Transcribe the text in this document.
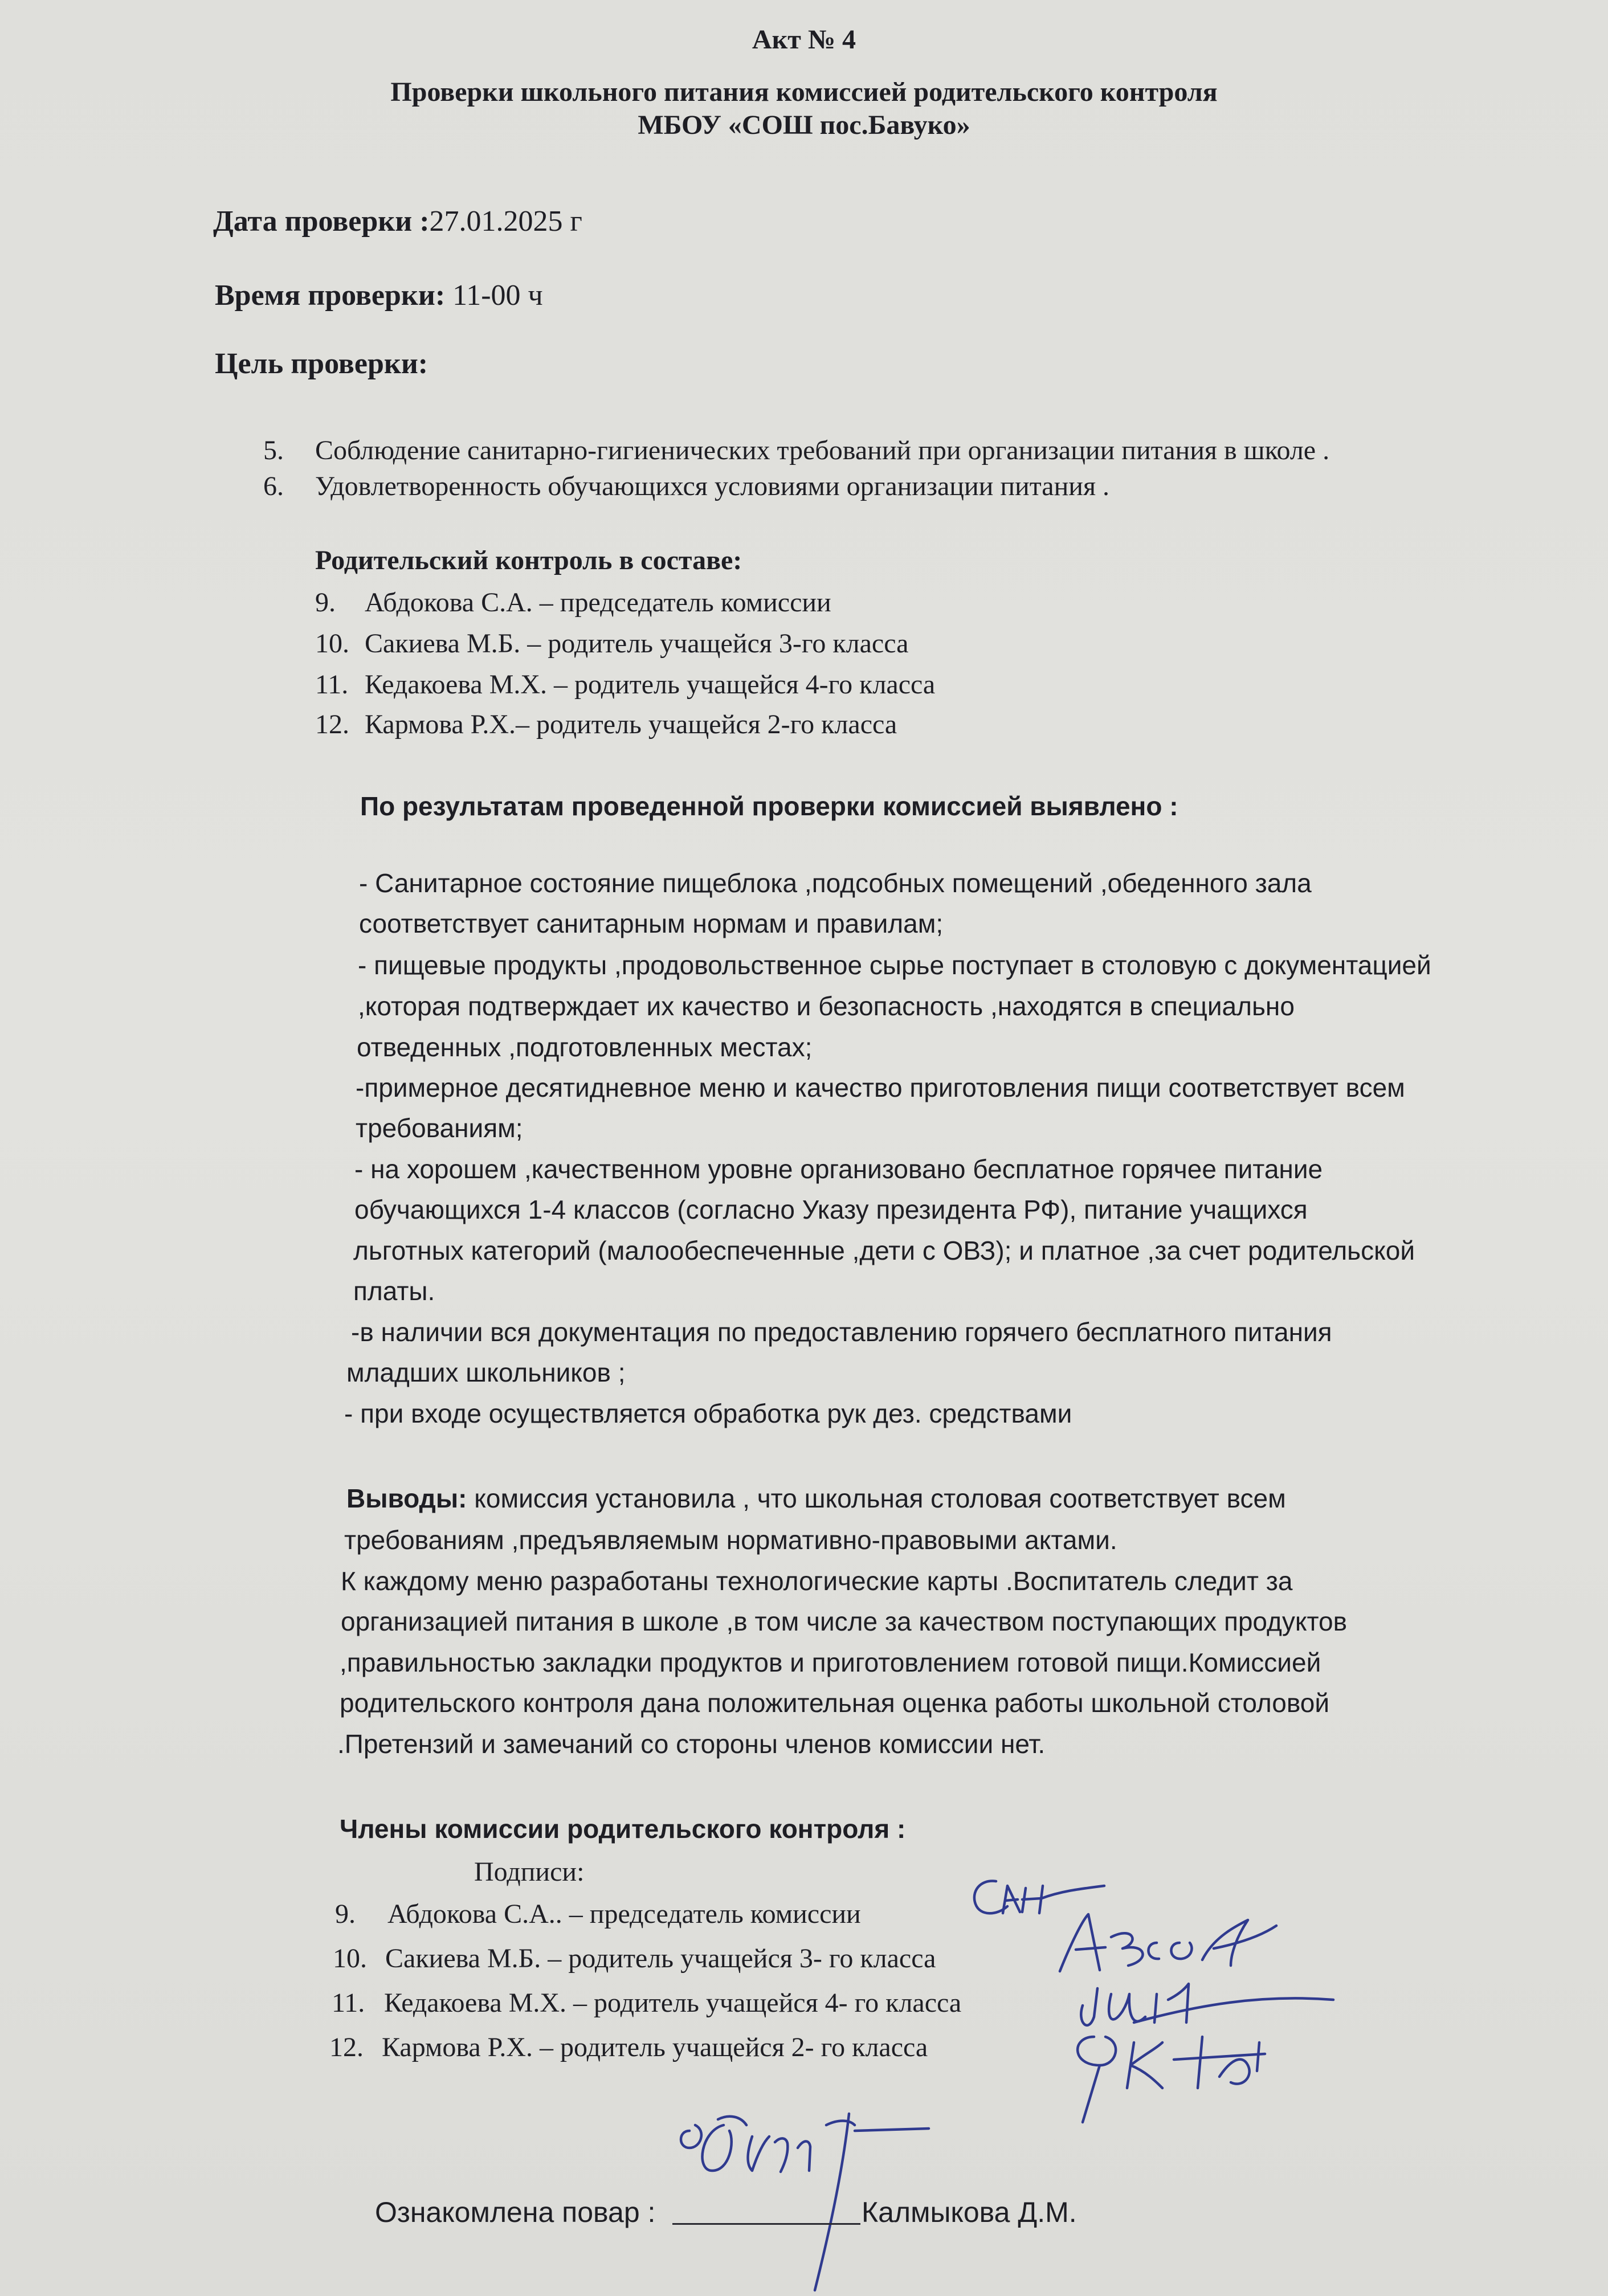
Акт № 4
Проверки школьного питания комиссией родительского контроля
МБОУ «СОШ пос.Бавуко»
Дата проверки :27.01.2025 г
Время проверки: 11-00 ч
Цель проверки:
5. Соблюдение санитарно-гигиенических требований при организации питания в школе .
6. Удовлетворенность обучающихся условиями организации питания .
Родительский контроль в составе:
9. Абдокова С.А. – председатель комиссии
10. Сакиева М.Б. – родитель учащейся 3-го класса
11. Кедакоева М.Х. – родитель учащейся 4-го класса
12. Кармова Р.Х.– родитель учащейся 2-го класса
По результатам проведенной проверки комиссией выявлено :
- Санитарное состояние пищеблока ,подсобных помещений ,обеденного зала
соответствует санитарным нормам и правилам;
- пищевые продукты ,продовольственное сырье поступает в столовую с документацией
,которая подтверждает их качество и безопасность ,находятся в специально
отведенных ,подготовленных местах;
-примерное десятидневное меню и качество приготовления пищи соответствует всем
требованиям;
- на хорошем ,качественном уровне организовано бесплатное горячее питание
обучающихся 1-4 классов (согласно Указу президента РФ), питание учащихся
льготных категорий (малообеспеченные ,дети с ОВЗ); и платное ,за счет родительской
платы.
-в наличии вся документация по предоставлению горячего бесплатного питания
младших школьников ;
- при входе осуществляется обработка рук дез. средствами
Выводы: комиссия установила , что школьная столовая соответствует всем
требованиям ,предъявляемым нормативно-правовыми актами.
К каждому меню разработаны технологические карты .Воспитатель следит за
организацией питания в школе ,в том числе за качеством поступающих продуктов
,правильностью закладки продуктов и приготовлением готовой пищи.Комиссией
родительского контроля дана положительная оценка работы школьной столовой
.Претензий и замечаний со стороны членов комиссии нет.
Члены комиссии родительского контроля :
Подписи:
9. Абдокова С.А.. – председатель комиссии
10. Сакиева М.Б. – родитель учащейся 3- го класса
11. Кедакоева М.Х. – родитель учащейся 4- го класса
12. Кармова Р.Х. – родитель учащейся 2- го класса
Ознакомлена повар :	Калмыкова Д.М.
